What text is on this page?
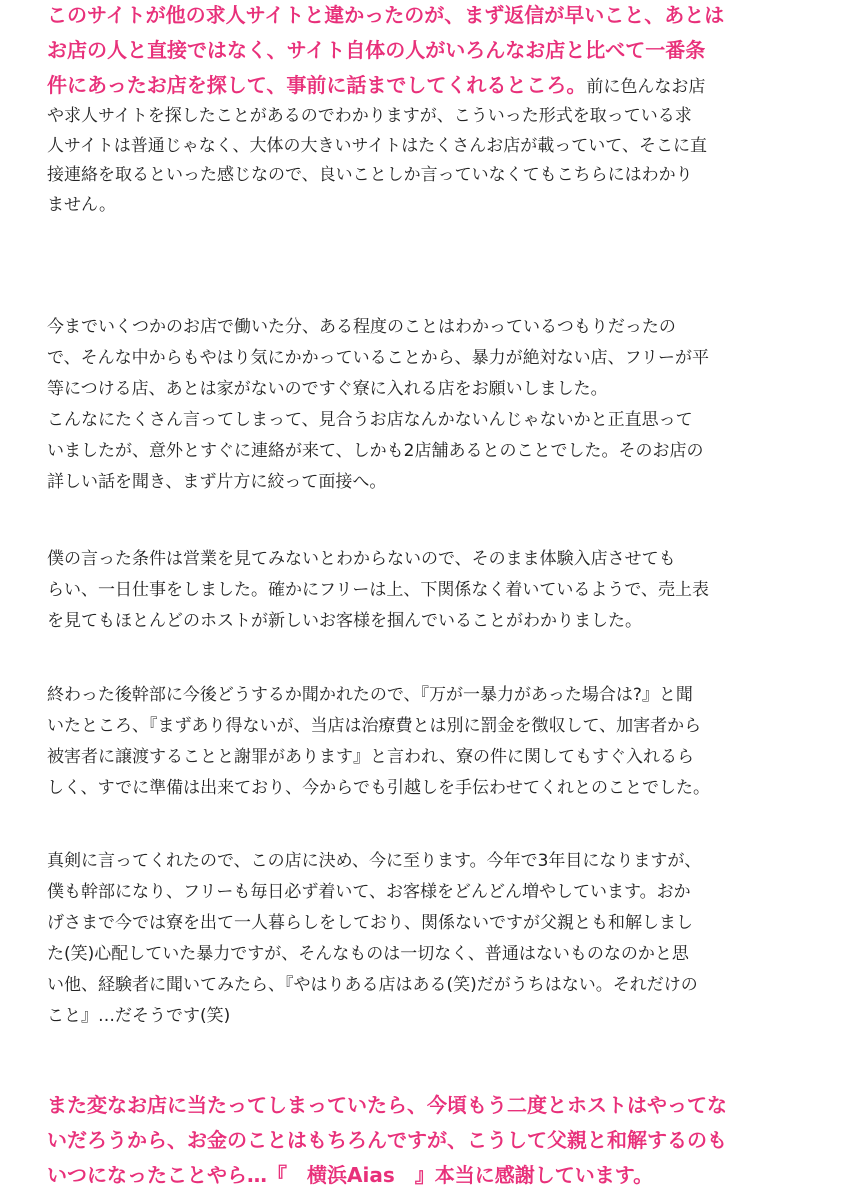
このサイトが他の求人サイトと違かったのが、まず返信が早いこと、あとは
お店の人と直接ではなく、サイト自体の人がいろんなお店と比べて一番条
件にあったお店を探して、事前に話までしてくれるところ。前に色んなお店
や求人サイトを探したことがあるのでわかりますが、こういった形式を取っている求
人サイトは普通じゃなく、大体の大きいサイトはたくさんお店が載っていて、そこに直
接連絡を取るといった感じなので、良いことしか言っていなくてもこちらにはわかり
ません。
今までいくつかのお店で働いた分、ある程度のことはわかっているつもりだったの
で、そんな中からもやはり気にかかっていることから、暴力が絶対ない店、フリーが平
等につける店、あとは家がないのですぐ寮に入れる店をお願いしました。
こんなにたくさん言ってしまって、見合うお店なんかないんじゃないかと正直思って
いましたが、意外とすぐに連絡が来て、しかも2店舗あるとのことでした。そのお店の
詳しい話を聞き、まず片方に絞って面接へ。
僕の言った条件は営業を見てみないとわからないので、そのまま体験入店させても
らい、一日仕事をしました。確かにフリーは上、下関係なく着いているようで、売上表
を見てもほとんどのホストが新しいお客様を掴んでいることがわかりました。
終わった後幹部に今後どうするか聞かれたので、『万が一暴力があった場合は?』と聞
いたところ、『まずあり得ないが、当店は治療費とは別に罰金を徴収して、加害者から
被害者に譲渡することと謝罪があります』と言われ、寮の件に関してもすぐ入れるら
しく、すでに準備は出来ており、今からでも引越しを手伝わせてくれとのことでした。
真剣に言ってくれたので、この店に決め、今に至ります。今年で3年目になりますが、
僕も幹部になり、フリーも毎日必ず着いて、お客様をどんどん増やしています。おか
げさまで今では寮を出て一人暮らしをしており、関係ないですが父親とも和解しまし
た(笑)心配していた暴力ですが、そんなものは一切なく、普通はないものなのかと思
い他、経験者に聞いてみたら、『やはりある店はある(笑)だがうちはない。それだけの
こと』…だそうです(笑)
また変なお店に当たってしまっていたら、今頃もう二度とホストはやってな
いだろうから、お金のことはもちろんですが、こうして父親と和解するのも
いつになったことやら…『　横浜Aias　』本当に感謝しています。
